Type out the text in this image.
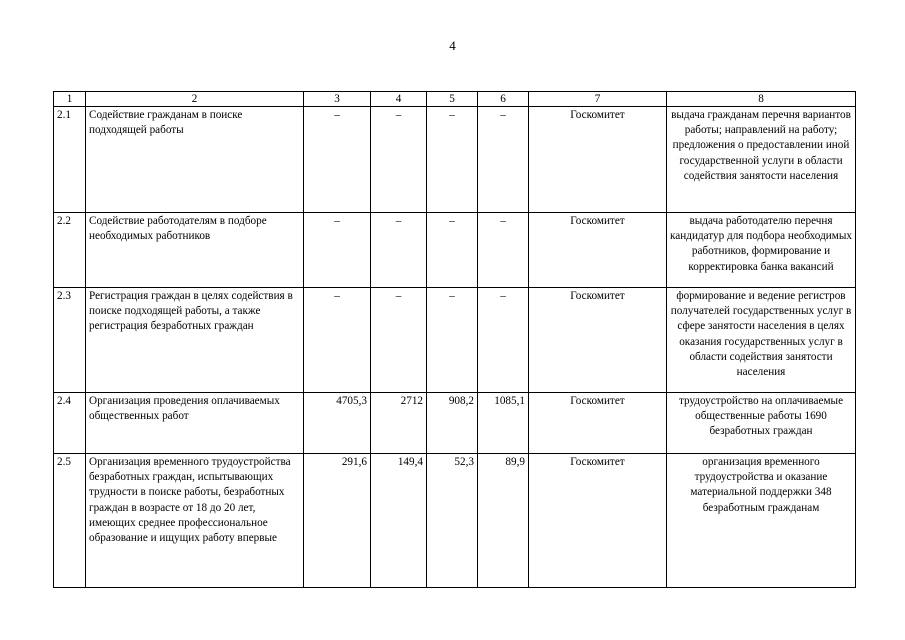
4
1	2	3	4	5	6	7	8
2.1	Содействие гражданам в поиске подходящей работы	–	–	–	–	Госкомитет	выдача гражданам перечня вариантов работы; направлений на работу; предложения о предоставлении иной государственной услуги в области содействия занятости населения
2.2	Содействие работодателям в подборе необходимых работников	–	–	–	–	Госкомитет	выдача работодателю перечня кандидатур для подбора необходимых работников, формирование и корректировка банка вакансий
2.3	Регистрация граждан в целях содействия в поиске подходящей работы, а также регистрация безработных граждан	–	–	–	–	Госкомитет	формирование и ведение регистров получателей государственных услуг в сфере занятости населения в целях оказания государственных услуг в области содействия занятости населения
2.4	Организация проведения оплачиваемых общественных работ	4705,3	2712	908,2	1085,1	Госкомитет	трудоустройство на оплачиваемые общественные работы 1690 безработных граждан
2.5	Организация временного трудоустройства безработных граждан, испытывающих трудности в поиске работы, безработных граждан в возрасте от 18 до 20 лет, имеющих среднее профессиональное образование и ищущих работу впервые	291,6	149,4	52,3	89,9	Госкомитет	организация временного трудоустройства и оказание материальной поддержки 348 безработным гражданам
